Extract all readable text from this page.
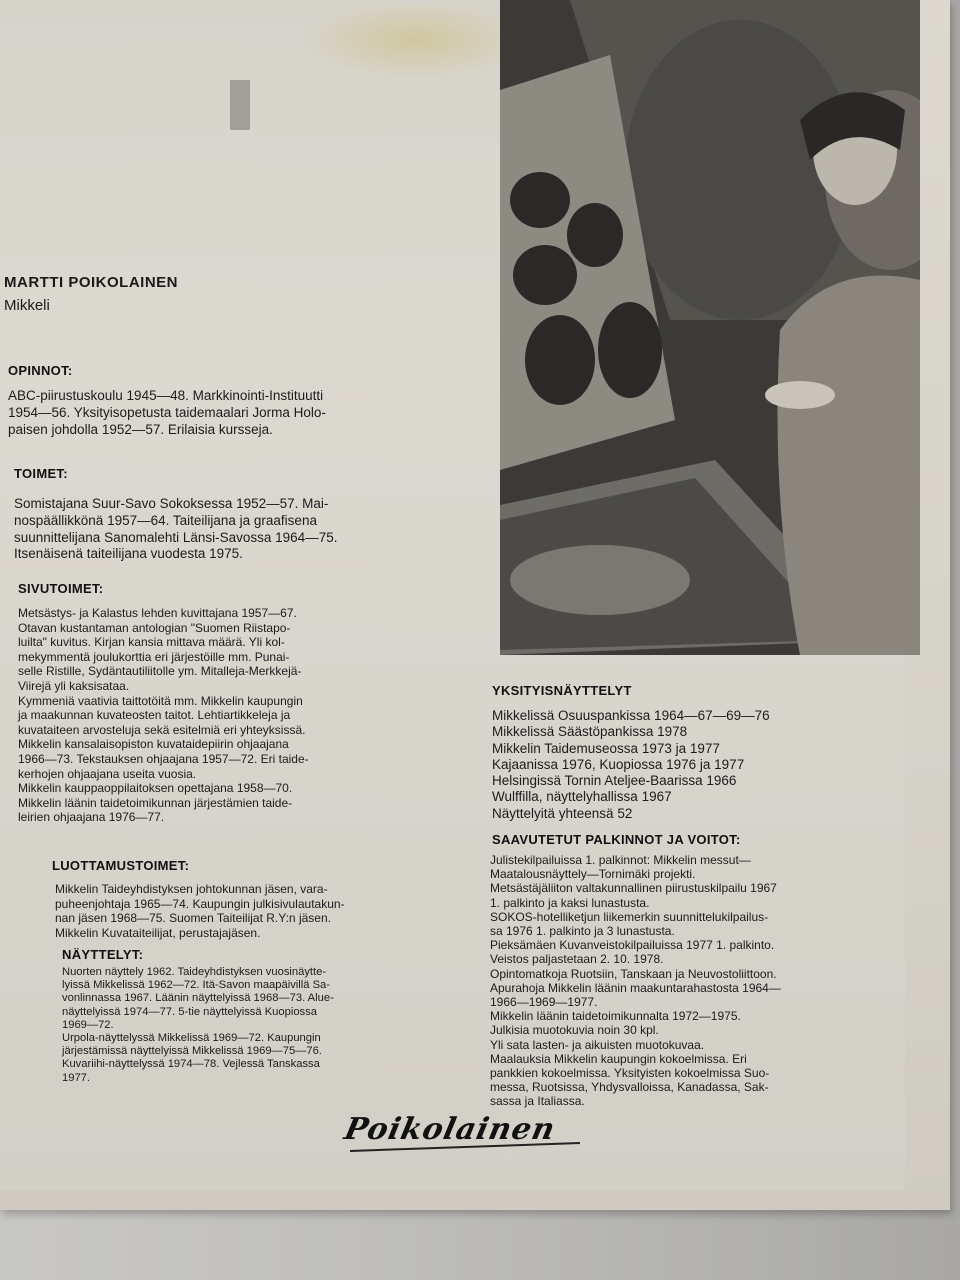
MARTTI POIKOLAINEN
Mikkeli
OPINNOT:
ABC-piirustuskoulu 1945—48. Markkinointi-Instituutti
1954—56. Yksityisopetusta taidemaalari Jorma Holo-
paisen johdolla 1952—57. Erilaisia kursseja.
TOIMET:
Somistajana Suur-Savo Sokoksessa 1952—57. Mai-
nospäällikkönä 1957—64. Taiteilijana ja graafisena
suunnittelijana Sanomalehti Länsi-Savossa 1964—75.
Itsenäisenä taiteilijana vuodesta 1975.
SIVUTOIMET:
Metsästys- ja Kalastus lehden kuvittajana 1957—67.
Otavan kustantaman antologian "Suomen Riistapo-
luilta" kuvitus. Kirjan kansia mittava määrä. Yli kol-
mekymmentä joulukorttia eri järjestöille mm. Punai-
selle Ristille, Sydäntautiliitolle ym. Mitalleja-Merkkejä-
Viirejä yli kaksisataa.
Kymmeniä vaativia taittotöitä mm. Mikkelin kaupungin
ja maakunnan kuvateosten taitot. Lehtiartikkeleja ja
kuvataiteen arvosteluja sekä esitelmiä eri yhteyksissä.
Mikkelin kansalaisopiston kuvataidepiirin ohjaajana
1966—73. Tekstauksen ohjaajana 1957—72. Eri taide-
kerhojen ohjaajana useita vuosia.
Mikkelin kauppaoppilaitoksen opettajana 1958—70.
Mikkelin läänin taidetoimikunnan järjestämien taide-
leirien ohjaajana 1976—77.
LUOTTAMUSTOIMET:
Mikkelin Taideyhdistyksen johtokunnan jäsen, vara-
puheenjohtaja 1965—74. Kaupungin julkisivulautakun-
nan jäsen 1968—75. Suomen Taiteilijat R.Y:n jäsen.
Mikkelin Kuvataiteilijat, perustajajäsen.
NÄYTTELYT:
Nuorten näyttely 1962. Taideyhdistyksen vuosinäytte-
lyissä Mikkelissä 1962—72. Itä-Savon maapäivillä Sa-
vonlinnassa 1967. Läänin näyttelyissä 1968—73. Alue-
näyttelyissä 1974—77. 5-tie näyttelyissä Kuopiossa
1969—72.
Urpola-näyttelyssä Mikkelissä 1969—72. Kaupungin
järjestämissä näyttelyissä Mikkelissä 1969—75—76.
Kuvariihi-näyttelyssä 1974—78. Vejlessä Tanskassa
1977.
YKSITYISNÄYTTELYT
Mikkelissä Osuuspankissa 1964—67—69—76
Mikkelissä Säästöpankissa 1978
Mikkelin Taidemuseossa 1973 ja 1977
Kajaanissa 1976, Kuopiossa 1976 ja 1977
Helsingissä Tornin Ateljee-Baarissa 1966
Wulffilla, näyttelyhallissa 1967
Näyttelyitä yhteensä 52
SAAVUTETUT PALKINNOT JA VOITOT:
Julistekilpailuissa 1. palkinnot: Mikkelin messut—
Maatalousnäyttely—Tornimäki projekti.
Metsästäjäliiton valtakunnallinen piirustuskilpailu 1967
1. palkinto ja kaksi lunastusta.
SOKOS-hotelliketjun liikemerkin suunnittelukilpailus-
sa 1976 1. palkinto ja 3 lunastusta.
Pieksämäen Kuvanveistokilpailuissa 1977 1. palkinto.
Veistos paljastetaan 2. 10. 1978.
Opintomatkoja Ruotsiin, Tanskaan ja Neuvostoliittoon.
Apurahoja Mikkelin läänin maakuntarahastosta 1964—
1966—1969—1977.
Mikkelin läänin taidetoimikunnalta 1972—1975.
Julkisia muotokuvia noin 30 kpl.
Yli sata lasten- ja aikuisten muotokuvaa.
Maalauksia Mikkelin kaupungin kokoelmissa. Eri
pankkien kokoelmissa. Yksityisten kokoelmissa Suo-
messa, Ruotsissa, Yhdysvalloissa, Kanadassa, Sak-
sassa ja Italiassa.
Poikolainen
